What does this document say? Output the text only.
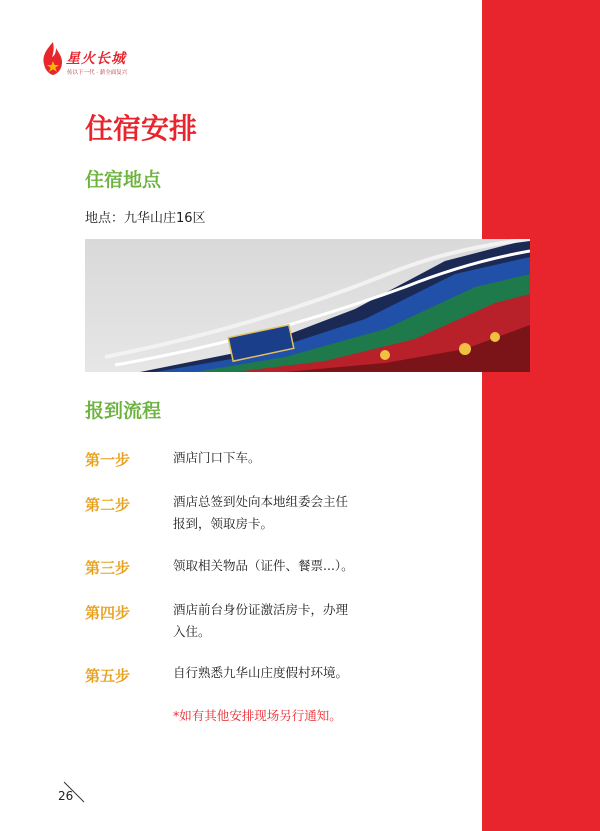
星火长城
传以下一代 · 薪全面复兴
住宿安排
住宿地点
地点：九华山庄16区
报到流程
第一步	酒店门口下车。
第二步	酒店总签到处向本地组委会主任
报到，领取房卡。
第三步	领取相关物品（证件、餐票...）。
第四步	酒店前台身份证激活房卡，办理
入住。
第五步	自行熟悉九华山庄度假村环境。
*如有其他安排现场另行通知。
26
